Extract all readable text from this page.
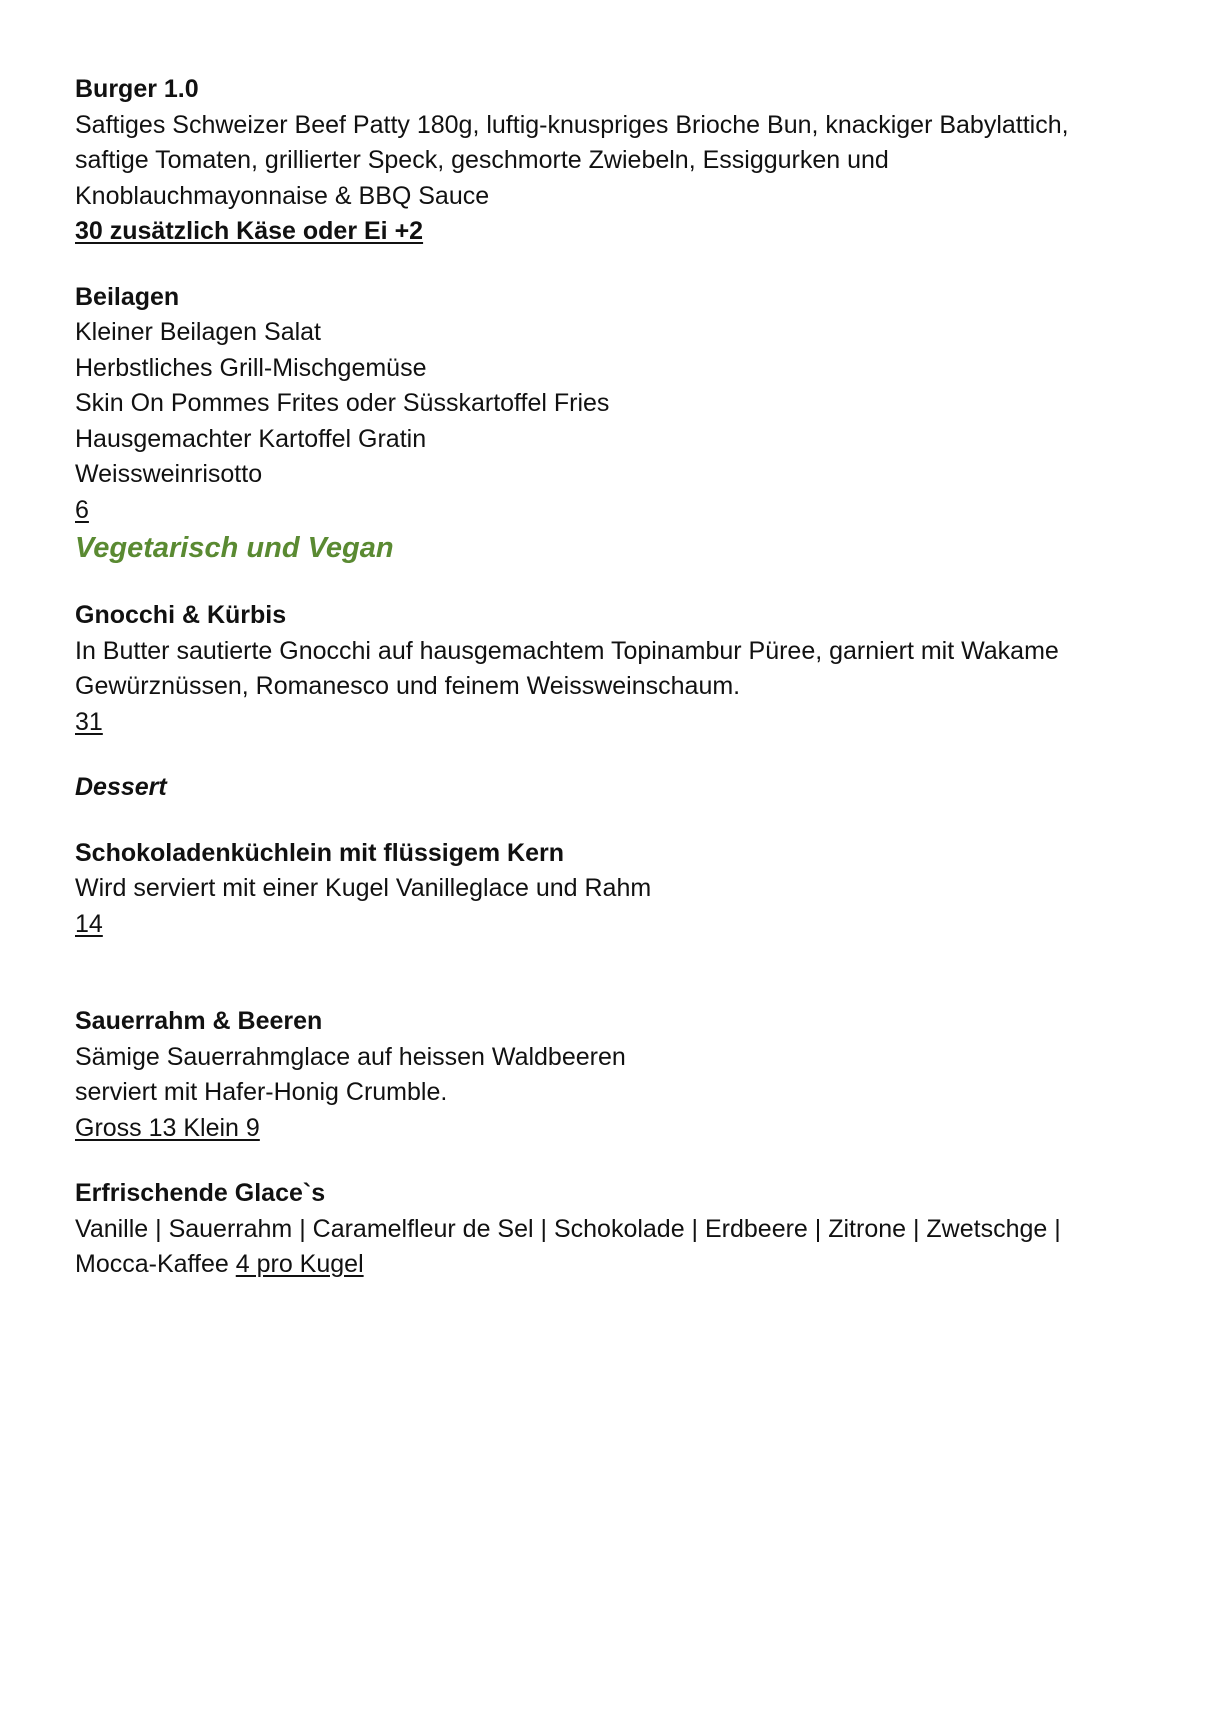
Burger 1.0
Saftiges Schweizer Beef Patty 180g, luftig-knuspriges Brioche Bun, knackiger Babylattich,
saftige Tomaten, grillierter Speck, geschmorte Zwiebeln, Essiggurken und
Knoblauchmayonnaise & BBQ Sauce
30 zusätzlich Käse oder Ei +2
Beilagen
Kleiner Beilagen Salat
Herbstliches Grill-Mischgemüse
Skin On Pommes Frites oder Süsskartoffel Fries
Hausgemachter Kartoffel Gratin
Weissweinrisotto
6
Vegetarisch und Vegan
Gnocchi & Kürbis
In Butter sautierte Gnocchi auf hausgemachtem Topinambur Püree, garniert mit Wakame
Gewürznüssen, Romanesco und feinem Weissweinschaum.
31
Dessert
Schokoladenküchlein mit flüssigem Kern
Wird serviert mit einer Kugel Vanilleglace und Rahm
14
Sauerrahm & Beeren
Sämige Sauerrahmglace auf heissen Waldbeeren
serviert mit Hafer-Honig Crumble.
Gross 13 Klein 9
Erfrischende Glace`s
Vanille | Sauerrahm | Caramelfleur de Sel | Schokolade | Erdbeere | Zitrone | Zwetschge |
Mocca-Kaffee 4 pro Kugel
